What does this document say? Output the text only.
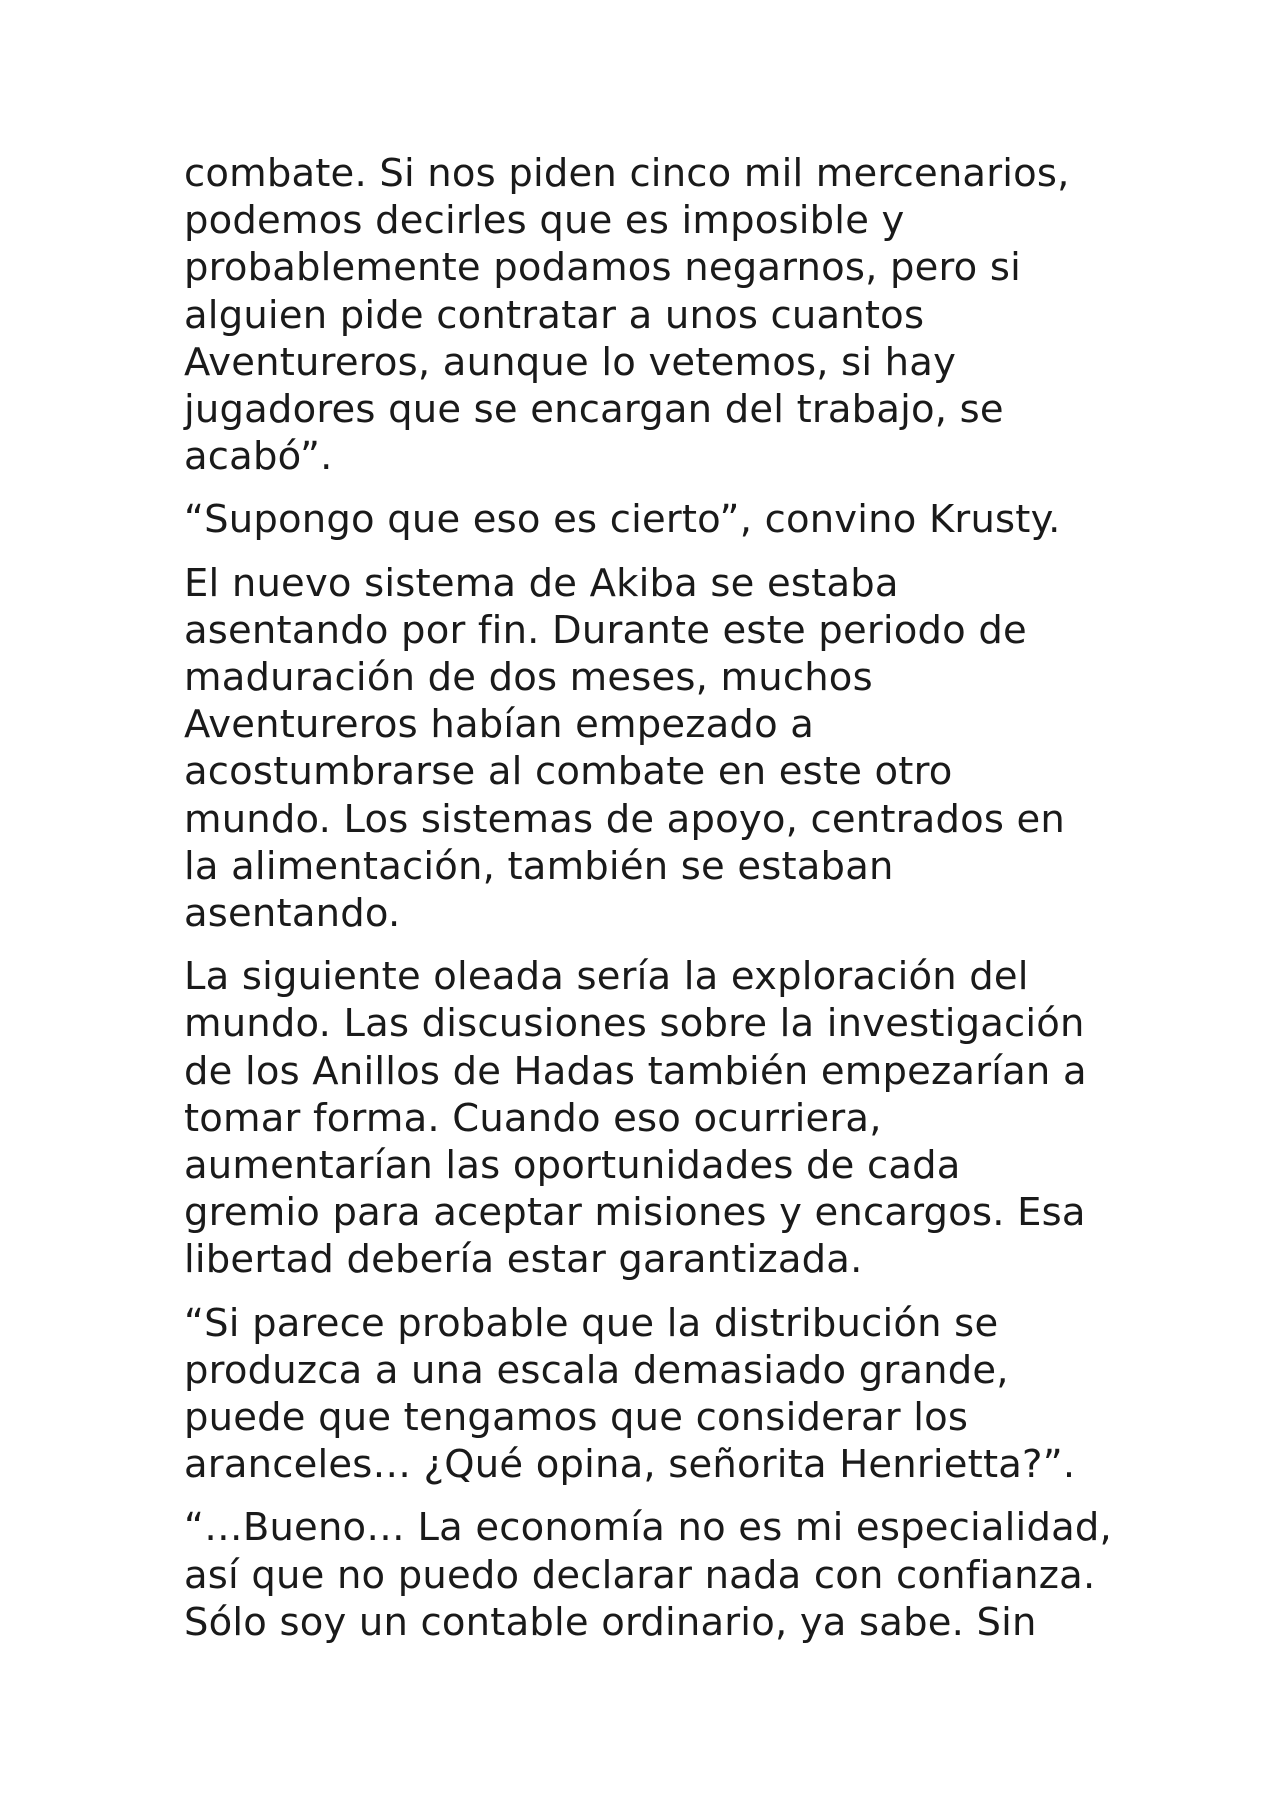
combate. Si nos piden cinco mil mercenarios,
podemos decirles que es imposible y
probablemente podamos negarnos, pero si
alguien pide contratar a unos cuantos
Aventureros, aunque lo vetemos, si hay
jugadores que se encargan del trabajo, se
acabó”.

“Supongo que eso es cierto”, convino Krusty.

El nuevo sistema de Akiba se estaba
asentando por fin. Durante este periodo de
maduración de dos meses, muchos
Aventureros habían empezado a
acostumbrarse al combate en este otro
mundo. Los sistemas de apoyo, centrados en
la alimentación, también se estaban
asentando.

La siguiente oleada sería la exploración del
mundo. Las discusiones sobre la investigación
de los Anillos de Hadas también empezarían a
tomar forma. Cuando eso ocurriera,
aumentarían las oportunidades de cada
gremio para aceptar misiones y encargos. Esa
libertad debería estar garantizada.

“Si parece probable que la distribución se
produzca a una escala demasiado grande,
puede que tengamos que considerar los
aranceles… ¿Qué opina, señorita Henrietta?”.

“…Bueno… La economía no es mi especialidad,
así que no puedo declarar nada con confianza.
Sólo soy un contable ordinario, ya sabe. Sin
